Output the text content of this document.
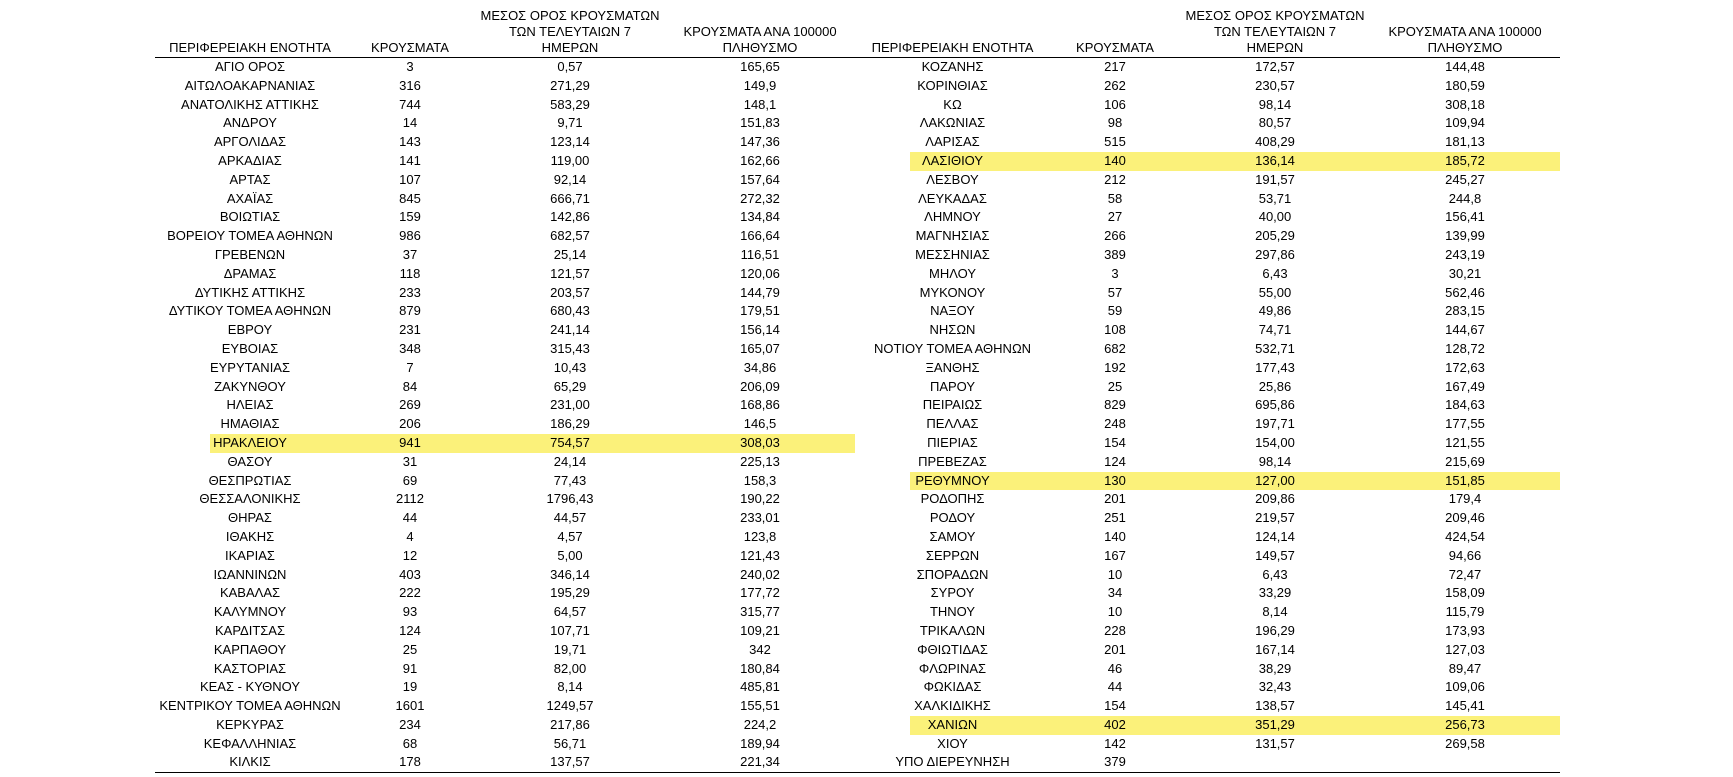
ΠΕΡΙΦΕΡΕΙΑΚΗ ΕΝΟΤΗΤΑ	ΚΡΟΥΣΜΑΤΑ	ΜΕΣΟΣ ΟΡΟΣ ΚΡΟΥΣΜΑΤΩΝ
ΤΩΝ ΤΕΛΕΥΤΑΙΩΝ 7
ΗΜΕΡΩΝ	ΚΡΟΥΣΜΑΤΑ ΑΝΑ 100000
ΠΛΗΘΥΣΜΟ
ΑΓΙΟ ΟΡΟΣ	3	0,57	165,65
ΑΙΤΩΛΟΑΚΑΡΝΑΝΙΑΣ	316	271,29	149,9
ΑΝΑΤΟΛΙΚΗΣ ΑΤΤΙΚΗΣ	744	583,29	148,1
ΑΝΔΡΟΥ	14	9,71	151,83
ΑΡΓΟΛΙΔΑΣ	143	123,14	147,36
ΑΡΚΑΔΙΑΣ	141	119,00	162,66
ΑΡΤΑΣ	107	92,14	157,64
ΑΧΑΪΑΣ	845	666,71	272,32
ΒΟΙΩΤΙΑΣ	159	142,86	134,84
ΒΟΡΕΙΟΥ ΤΟΜΕΑ ΑΘΗΝΩΝ	986	682,57	166,64
ΓΡΕΒΕΝΩΝ	37	25,14	116,51
ΔΡΑΜΑΣ	118	121,57	120,06
ΔΥΤΙΚΗΣ ΑΤΤΙΚΗΣ	233	203,57	144,79
ΔΥΤΙΚΟΥ ΤΟΜΕΑ ΑΘΗΝΩΝ	879	680,43	179,51
ΕΒΡΟΥ	231	241,14	156,14
ΕΥΒΟΙΑΣ	348	315,43	165,07
ΕΥΡΥΤΑΝΙΑΣ	7	10,43	34,86
ΖΑΚΥΝΘΟΥ	84	65,29	206,09
ΗΛΕΙΑΣ	269	231,00	168,86
ΗΜΑΘΙΑΣ	206	186,29	146,5
ΗΡΑΚΛΕΙΟΥ	941	754,57	308,03
ΘΑΣΟΥ	31	24,14	225,13
ΘΕΣΠΡΩΤΙΑΣ	69	77,43	158,3
ΘΕΣΣΑΛΟΝΙΚΗΣ	2112	1796,43	190,22
ΘΗΡΑΣ	44	44,57	233,01
ΙΘΑΚΗΣ	4	4,57	123,8
ΙΚΑΡΙΑΣ	12	5,00	121,43
ΙΩΑΝΝΙΝΩΝ	403	346,14	240,02
ΚΑΒΑΛΑΣ	222	195,29	177,72
ΚΑΛΥΜΝΟΥ	93	64,57	315,77
ΚΑΡΔΙΤΣΑΣ	124	107,71	109,21
ΚΑΡΠΑΘΟΥ	25	19,71	342
ΚΑΣΤΟΡΙΑΣ	91	82,00	180,84
ΚΕΑΣ - ΚΥΘΝΟΥ	19	8,14	485,81
ΚΕΝΤΡΙΚΟΥ ΤΟΜΕΑ ΑΘΗΝΩΝ	1601	1249,57	155,51
ΚΕΡΚΥΡΑΣ	234	217,86	224,2
ΚΕΦΑΛΛΗΝΙΑΣ	68	56,71	189,94
ΚΙΛΚΙΣ	178	137,57	221,34
ΠΕΡΙΦΕΡΕΙΑΚΗ ΕΝΟΤΗΤΑ	ΚΡΟΥΣΜΑΤΑ	ΜΕΣΟΣ ΟΡΟΣ ΚΡΟΥΣΜΑΤΩΝ
ΤΩΝ ΤΕΛΕΥΤΑΙΩΝ 7
ΗΜΕΡΩΝ	ΚΡΟΥΣΜΑΤΑ ΑΝΑ 100000
ΠΛΗΘΥΣΜΟ
ΚΟΖΑΝΗΣ	217	172,57	144,48
ΚΟΡΙΝΘΙΑΣ	262	230,57	180,59
ΚΩ	106	98,14	308,18
ΛΑΚΩΝΙΑΣ	98	80,57	109,94
ΛΑΡΙΣΑΣ	515	408,29	181,13
ΛΑΣΙΘΙΟΥ	140	136,14	185,72
ΛΕΣΒΟΥ	212	191,57	245,27
ΛΕΥΚΑΔΑΣ	58	53,71	244,8
ΛΗΜΝΟΥ	27	40,00	156,41
ΜΑΓΝΗΣΙΑΣ	266	205,29	139,99
ΜΕΣΣΗΝΙΑΣ	389	297,86	243,19
ΜΗΛΟΥ	3	6,43	30,21
ΜΥΚΟΝΟΥ	57	55,00	562,46
ΝΑΞΟΥ	59	49,86	283,15
ΝΗΣΩΝ	108	74,71	144,67
ΝΟΤΙΟΥ ΤΟΜΕΑ ΑΘΗΝΩΝ	682	532,71	128,72
ΞΑΝΘΗΣ	192	177,43	172,63
ΠΑΡΟΥ	25	25,86	167,49
ΠΕΙΡΑΙΩΣ	829	695,86	184,63
ΠΕΛΛΑΣ	248	197,71	177,55
ΠΙΕΡΙΑΣ	154	154,00	121,55
ΠΡΕΒΕΖΑΣ	124	98,14	215,69
ΡΕΘΥΜΝΟΥ	130	127,00	151,85
ΡΟΔΟΠΗΣ	201	209,86	179,4
ΡΟΔΟΥ	251	219,57	209,46
ΣΑΜΟΥ	140	124,14	424,54
ΣΕΡΡΩΝ	167	149,57	94,66
ΣΠΟΡΑΔΩΝ	10	6,43	72,47
ΣΥΡΟΥ	34	33,29	158,09
ΤΗΝΟΥ	10	8,14	115,79
ΤΡΙΚΑΛΩΝ	228	196,29	173,93
ΦΘΙΩΤΙΔΑΣ	201	167,14	127,03
ΦΛΩΡΙΝΑΣ	46	38,29	89,47
ΦΩΚΙΔΑΣ	44	32,43	109,06
ΧΑΛΚΙΔΙΚΗΣ	154	138,57	145,41
ΧΑΝΙΩΝ	402	351,29	256,73
ΧΙΟΥ	142	131,57	269,58
ΥΠΟ ΔΙΕΡΕΥΝΗΣΗ	379		
